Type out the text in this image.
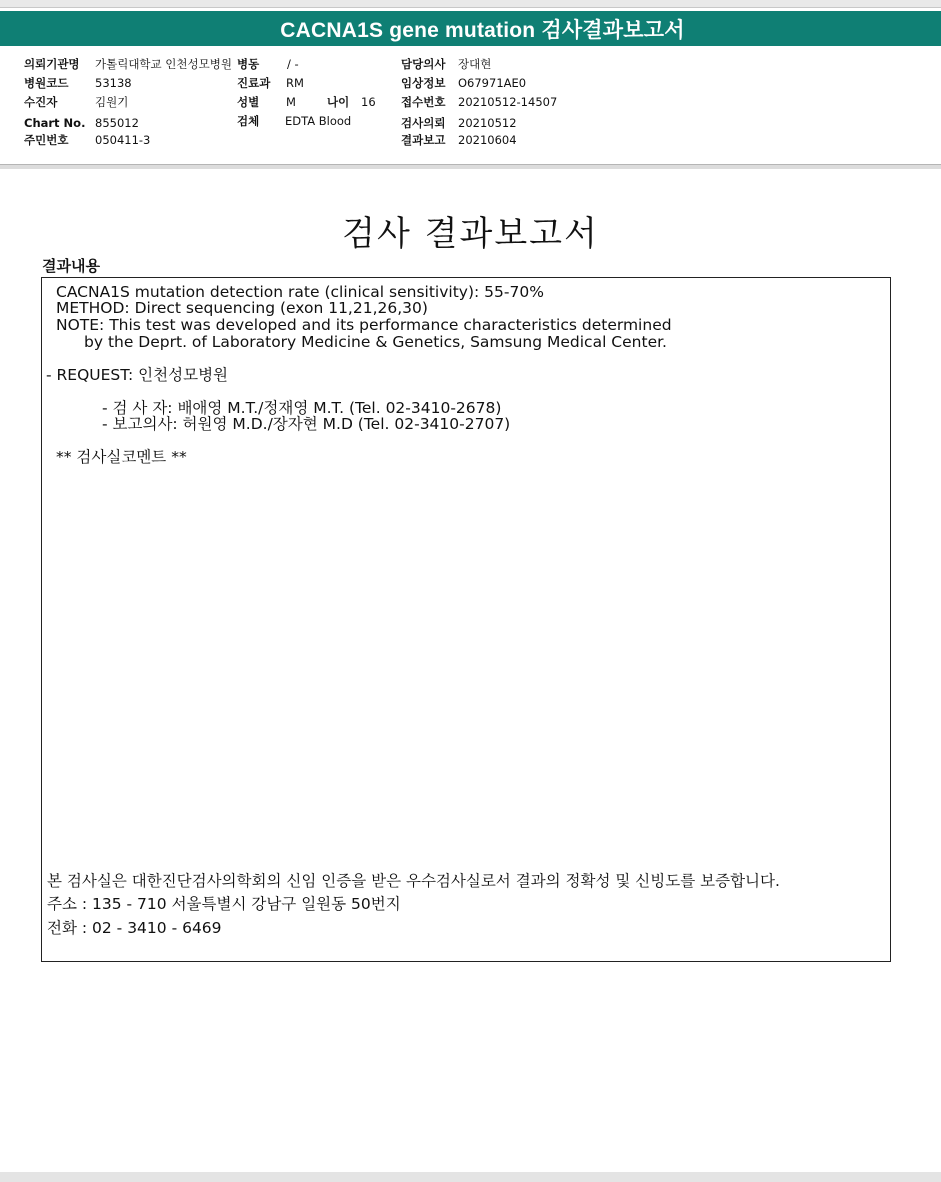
CACNA1S gene mutation 검사결과보고서
의뢰기관명 가톨릭대학교 인천성모병원 병동 / -	담당의사 장대현
병원코드 53138	진료과 RM	임상정보 O67971AE0
수진자	김원기	성별 M	나이 16 접수번호 20210512-14507
Chart No. 855012	검체 EDTA Blood	검사의뢰 20210512
주민번호 050411-3	결과보고 20210604
검사 결과보고서
결과내용
CACNA1S mutation detection rate (clinical sensitivity): 55-70%
METHOD: Direct sequencing (exon 11,21,26,30)
NOTE: This test was developed and its performance characteristics determined
by the Deprt. of Laboratory Medicine & Genetics, Samsung Medical Center.
- REQUEST: 인천성모병원
- 검 사 자: 배애영 M.T./정재영 M.T. (Tel. 02-3410-2678)
- 보고의사: 허원영 M.D./장자현 M.D (Tel. 02-3410-2707)
** 검사실코멘트 **
본 검사실은 대한진단검사의학회의 신임 인증을 받은 우수검사실로서 결과의 정확성 및 신빙도를 보증합니다.
주소 : 135 - 710 서울특별시 강남구 일원동 50번지
전화 : 02 - 3410 - 6469
